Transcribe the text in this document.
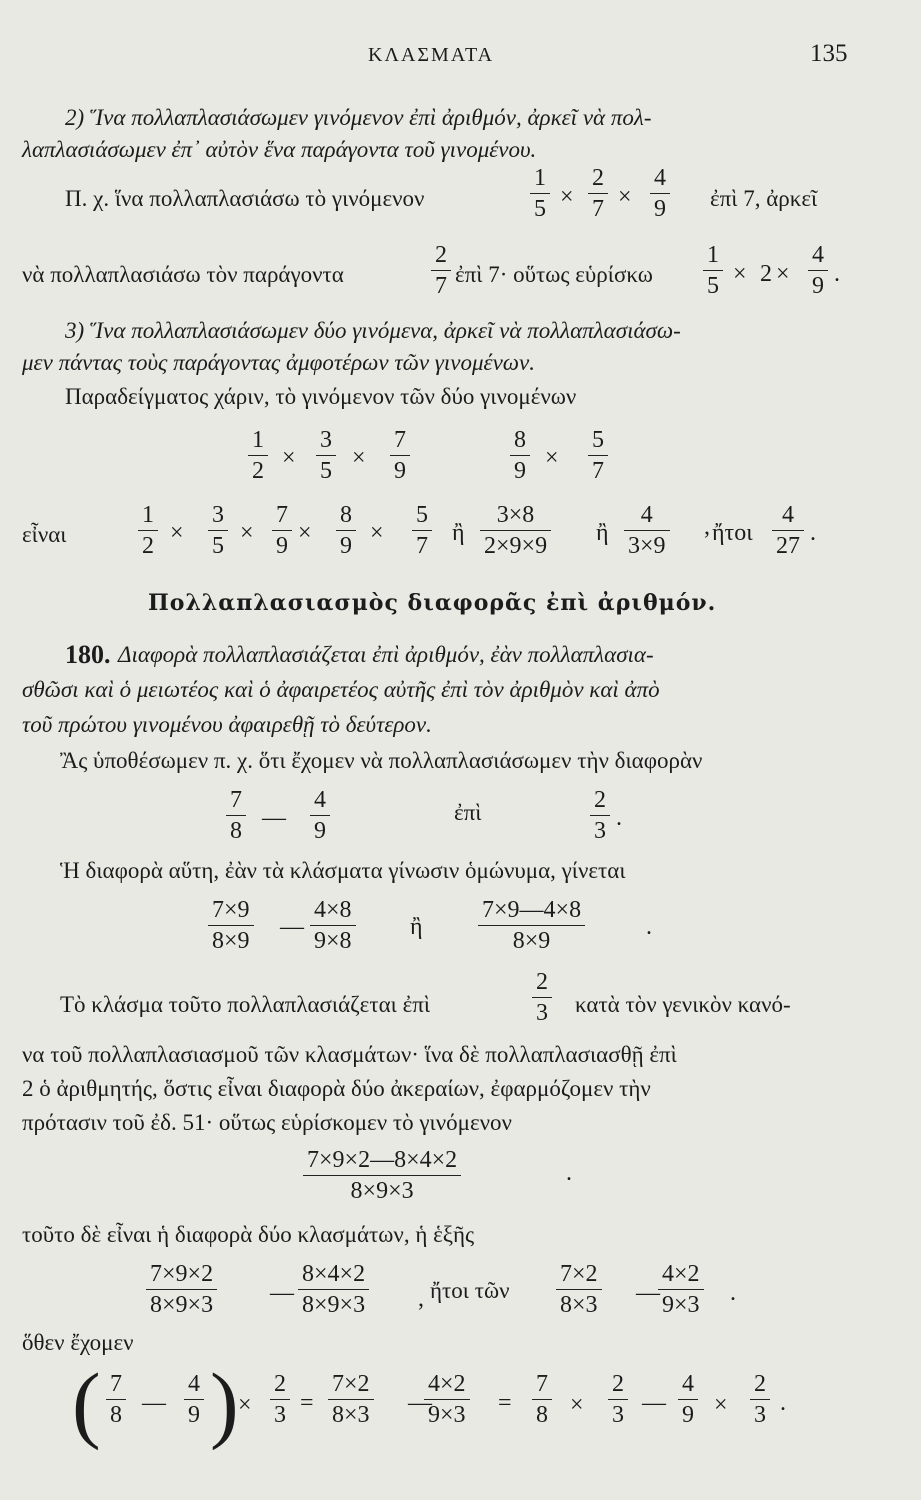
ΚΛΑΣΜΑΤΑ	135
2) Ἵνα πολλαπλασιάσωμεν γινόμενον ἐπὶ ἀριθμόν, ἀρκεῖ νὰ πολ-
λαπλασιάσωμεν ἐπ᾽ αὐτὸν ἕνα παράγοντα τοῦ γινομένου.
Π. χ. ἵνα πολλαπλασιάσω τὸ γινόμενον
1
5 ×
2
7 ×
4
9 ἐπὶ 7, ἀρκεῖ
νὰ πολλαπλασιάσω τὸν παράγοντα
2
7 ἐπὶ 7· οὕτως εὑρίσκω
1
5 × 2 ×
4
9 .
3) Ἵνα πολλαπλασιάσωμεν δύο γινόμενα, ἀρκεῖ νὰ πολλαπλασιάσω-
μεν πάντας τοὺς παράγοντας ἀμφοτέρων τῶν γινομένων.
Παραδείγματος χάριν, τὸ γινόμενον τῶν δύο γινομένων
1
2 ×
3
5 ×
7
9
8
9 ×
5
7
εἶναι
1
2 ×
3
5 ×
7
9 ×
8
9 ×
5
7 ἢ
3×8
2×9×9 ἢ
4
3×9
, ἤτοι
4
27 .
Πολλαπλασιασμὸς διαφορᾶς ἐπὶ ἀριθμόν.
180. Διαφορὰ πολλαπλασιάζεται ἐπὶ ἀριθμόν, ἐὰν πολλαπλασια-
σθῶσι καὶ ὁ μειωτέος καὶ ὁ ἀφαιρετέος αὐτῆς ἐπὶ τὸν ἀριθμὸν καὶ ἀπὸ
τοῦ πρώτου γινομένου ἀφαιρεθῇ τὸ δεύτερον.
Ἂς ὑποθέσωμεν π. χ. ὅτι ἔχομεν νὰ πολλαπλασιάσωμεν τὴν διαφορὰν
7
8 —
4
9
ἐπὶ	2
3 .
Ἡ διαφορὰ αὕτη, ἐὰν τὰ κλάσματα γίνωσιν ὁμώνυμα, γίνεται
7×9
8×9
—
4×8
9×8
ἢ
7×9—4×8
8×9
.
Τὸ κλάσμα τοῦτο πολλαπλασιάζεται ἐπὶ
2
3 κατὰ τὸν γενικὸν κανό-
να τοῦ πολλαπλασιασμοῦ τῶν κλασμάτων· ἵνα δὲ πολλαπλασιασθῇ ἐπὶ
2 ὁ ἀριθμητής, ὅστις εἶναι διαφορὰ δύο ἀκεραίων, ἐφαρμόζομεν τὴν
πρότασιν τοῦ ἐδ. 51· οὕτως εὑρίσκομεν τὸ γινόμενον
7×9×2—8×4×2
8×9×3
.
τοῦτο δὲ εἶναι ἡ διαφορὰ δύο κλασμάτων, ἡ ἑξῆς
7×9×2
8×9×3 —
8×4×2
8×9×3 , ἤτοι τῶν
7×2
8×3 —
4×2
9×3 .
ὅθεν ἔχομεν
( 7
8 —
4
9 ) ×
2
3 =
7×2
8×3 —
4×2
9×3 =
7
8 ×
2
3 —
4
9 ×
2
3 .
